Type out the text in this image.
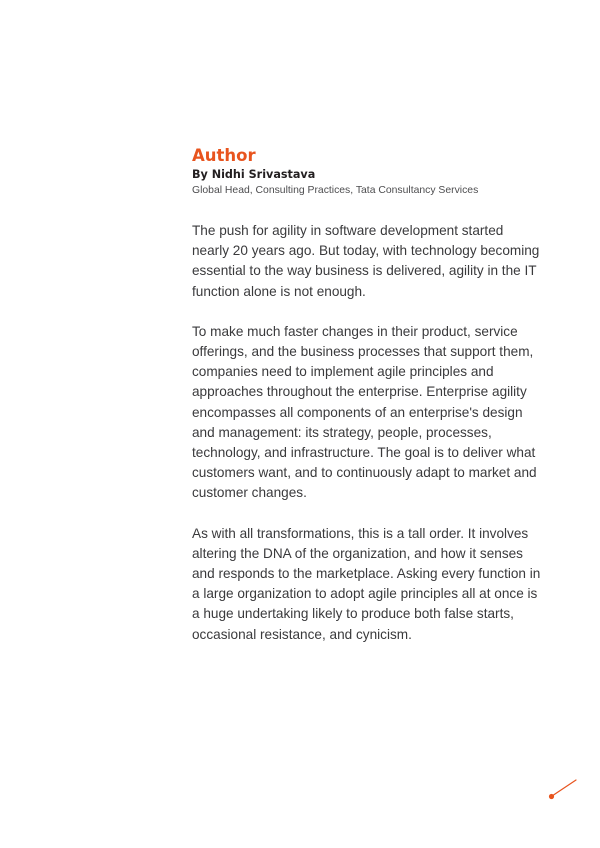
Author
By Nidhi Srivastava
Global Head, Consulting Practices, Tata Consultancy Services

The push for agility in software development started nearly 20 years ago. But today, with technology becoming essential to the way business is delivered, agility in the IT function alone is not enough.

To make much faster changes in their product, service offerings, and the business processes that support them, companies need to implement agile principles and approaches throughout the enterprise. Enterprise agility encompasses all components of an enterprise's design and management: its strategy, people, processes, technology, and infrastructure. The goal is to deliver what customers want, and to continuously adapt to market and customer changes.

As with all transformations, this is a tall order. It involves altering the DNA of the organization, and how it senses and responds to the marketplace. Asking every function in a large organization to adopt agile principles all at once is a huge undertaking likely to produce both false starts, occasional resistance, and cynicism.
